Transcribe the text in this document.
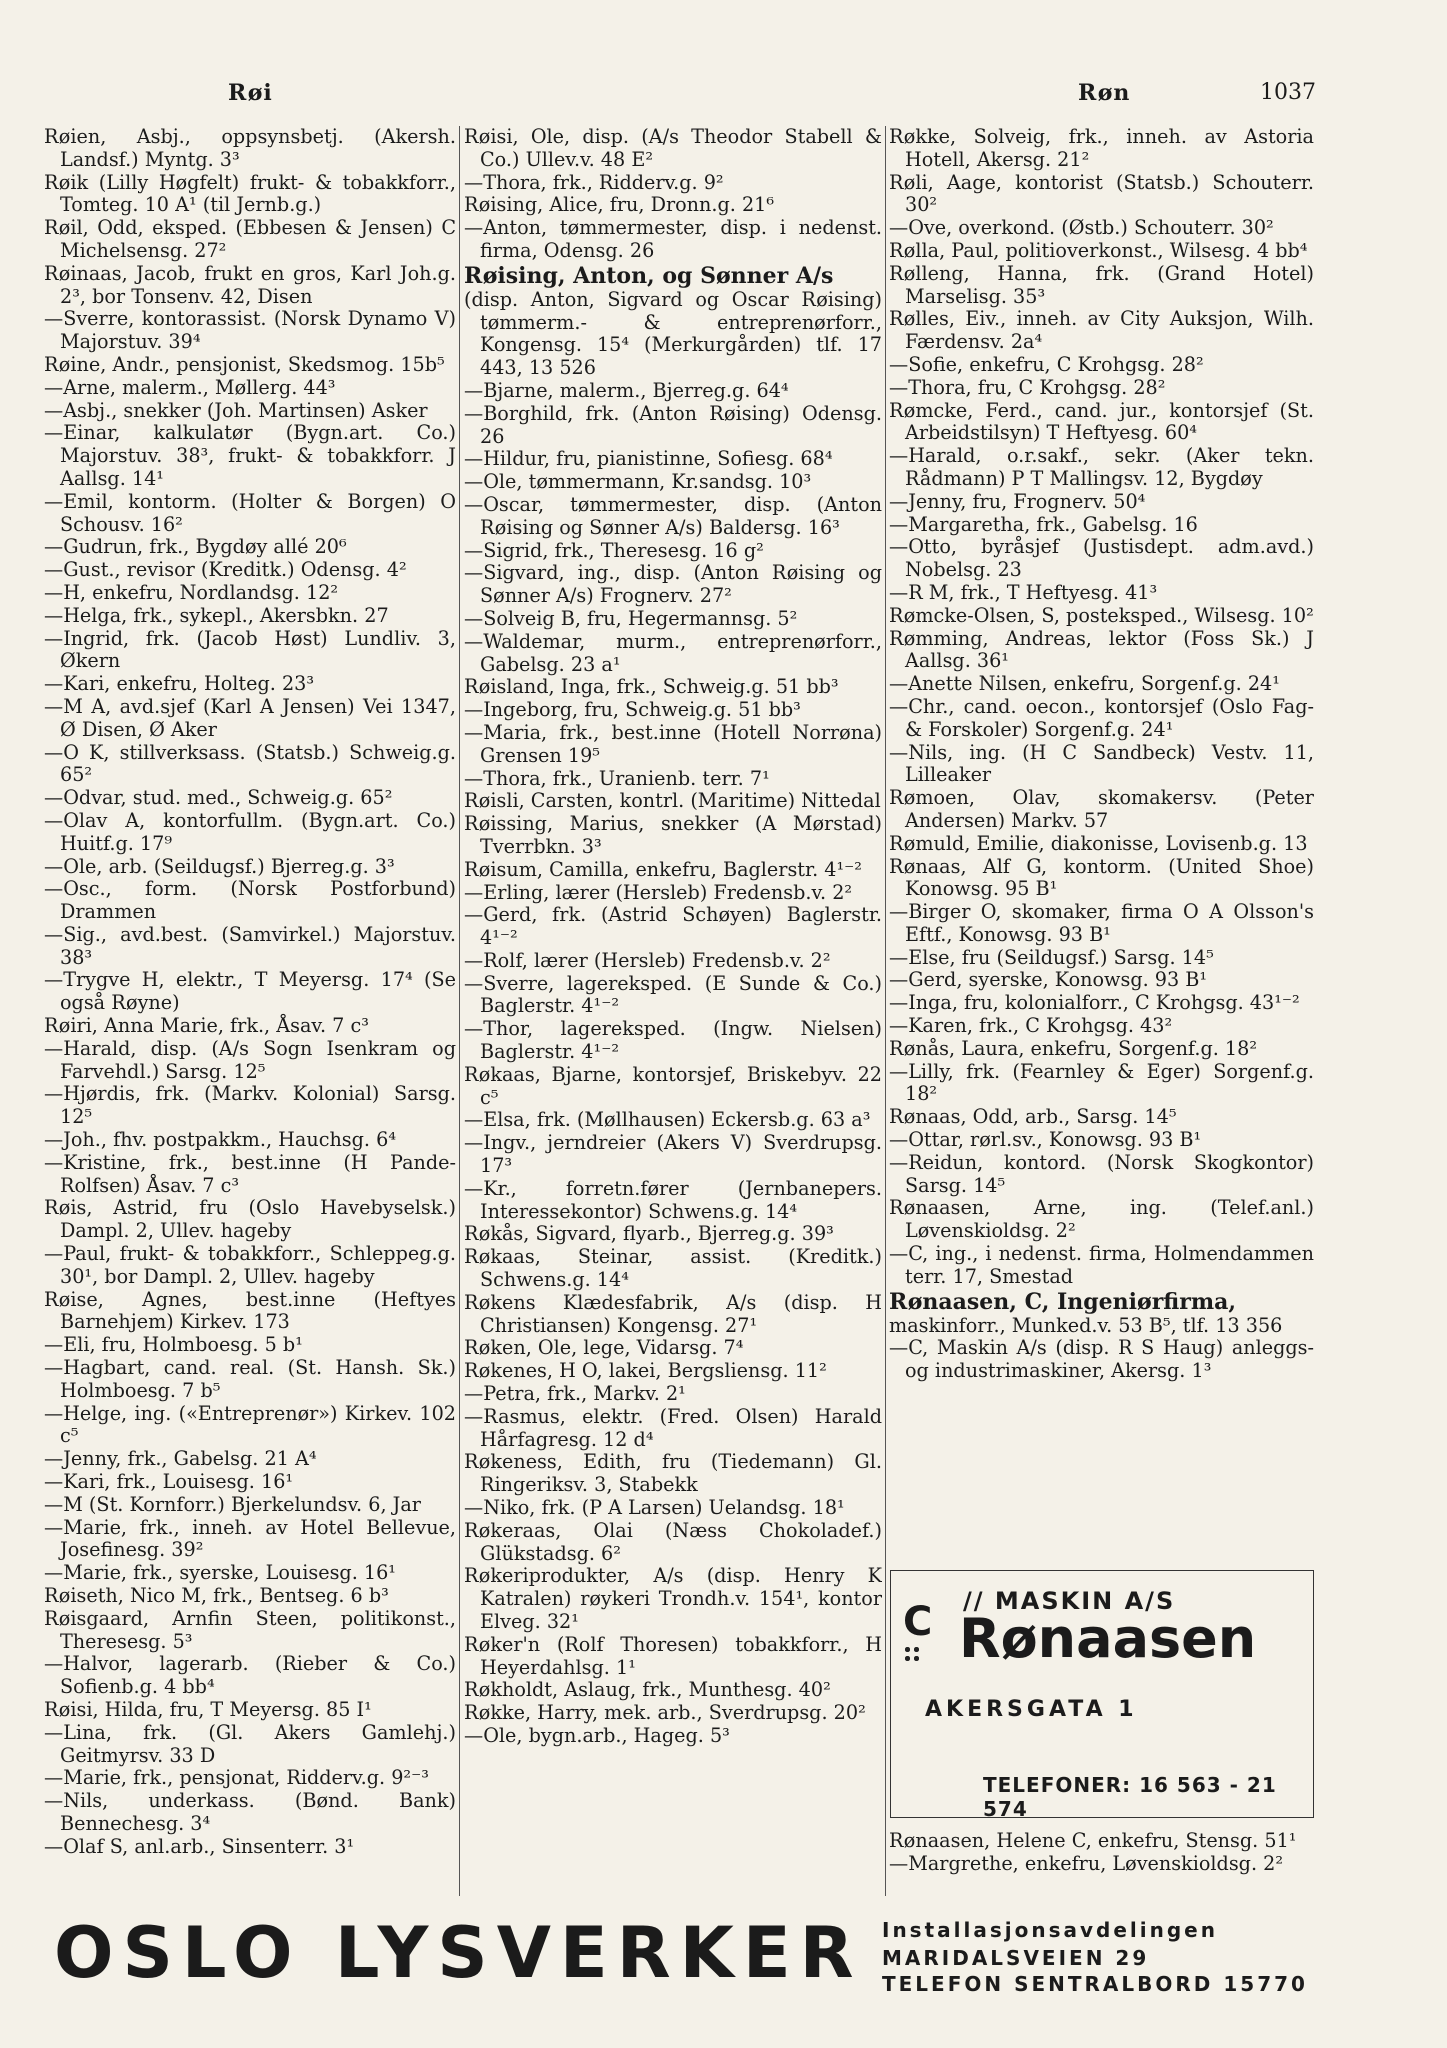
Røi	Røn	1037
Røien, Asbj., oppsynsbetj. (Akersh. Landsf.) Myntg. 3³
Røik (Lilly Høgfelt) frukt- & tobakkforr., Tomteg. 10 A¹ (til Jernb.g.)
Røil, Odd, eksped. (Ebbesen & Jensen) C Michelsensg. 27²
Røinaas, Jacob, frukt en gros, Karl Joh.g. 2³, bor Tonsenv. 42, Disen
—Sverre, kontorassist. (Norsk Dynamo V) Majorstuv. 39⁴
Røine, Andr., pensjonist, Skedsmog. 15b⁵
—Arne, malerm., Møllerg. 44³
—Asbj., snekker (Joh. Martinsen) Asker
—Einar, kalkulatør (Bygn.art. Co.) Majorstuv. 38³, frukt- & tobakkforr. J Aallsg. 14¹
—Emil, kontorm. (Holter & Borgen) O Schousv. 16²
—Gudrun, frk., Bygdøy allé 20⁶
—Gust., revisor (Kreditk.) Odensg. 4²
—H, enkefru, Nordlandsg. 12²
—Helga, frk., sykepl., Akersbkn. 27
—Ingrid, frk. (Jacob Høst) Lundliv. 3, Økern
—Kari, enkefru, Holteg. 23³
—M A, avd.sjef (Karl A Jensen) Vei 1347, Ø Disen, Ø Aker
—O K, stillverksass. (Statsb.) Schweig.g. 65²
—Odvar, stud. med., Schweig.g. 65²
—Olav A, kontorfullm. (Bygn.art. Co.) Huitf.g. 17⁹
—Ole, arb. (Seildugsf.) Bjerreg.g. 3³
—Osc., form. (Norsk Postforbund) Drammen
—Sig., avd.best. (Samvirkel.) Majorstuv. 38³
—Trygve H, elektr., T Meyersg. 17⁴ (Se også Røyne)
Røiri, Anna Marie, frk., Åsav. 7 c³
—Harald, disp. (A/s Sogn Isenkram og Farvehdl.) Sarsg. 12⁵
—Hjørdis, frk. (Markv. Kolonial) Sarsg. 12⁵
—Joh., fhv. postpakkm., Hauchsg. 6⁴
—Kristine, frk., best.inne (H Pande-Rolfsen) Åsav. 7 c³
Røis, Astrid, fru (Oslo Havebyselsk.) Dampl. 2, Ullev. hageby
—Paul, frukt- & tobakkforr., Schleppeg.g. 30¹, bor Dampl. 2, Ullev. hageby
Røise, Agnes, best.inne (Heftyes Barnehjem) Kirkev. 173
—Eli, fru, Holmboesg. 5 b¹
—Hagbart, cand. real. (St. Hansh. Sk.) Holmboesg. 7 b⁵
—Helge, ing. («Entreprenør») Kirkev. 102 c⁵
—Jenny, frk., Gabelsg. 21 A⁴
—Kari, frk., Louisesg. 16¹
—M (St. Kornforr.) Bjerkelundsv. 6, Jar
—Marie, frk., inneh. av Hotel Bellevue, Josefinesg. 39²
—Marie, frk., syerske, Louisesg. 16¹
Røiseth, Nico M, frk., Bentseg. 6 b³
Røisgaard, Arnfin Steen, politikonst., Theresesg. 5³
—Halvor, lagerarb. (Rieber & Co.) Sofienb.g. 4 bb⁴
Røisi, Hilda, fru, T Meyersg. 85 I¹
—Lina, frk. (Gl. Akers Gamlehj.) Geitmyrsv. 33 D
—Marie, frk., pensjonat, Ridderv.g. 9²⁻³
—Nils, underkass. (Bønd. Bank) Bennechesg. 3⁴
—Olaf S, anl.arb., Sinsenterr. 3¹
Røisi, Ole, disp. (A/s Theodor Stabell & Co.) Ullev.v. 48 E²
—Thora, frk., Ridderv.g. 9²
Røising, Alice, fru, Dronn.g. 21⁶
—Anton, tømmermester, disp. i nedenst. firma, Odensg. 26
Røising, Anton, og Sønner A/s
(disp. Anton, Sigvard og Oscar Røising) tømmerm.- & entreprenørforr., Kongensg. 15⁴ (Merkurgården) tlf. 17 443, 13 526
—Bjarne, malerm., Bjerreg.g. 64⁴
—Borghild, frk. (Anton Røising) Odensg. 26
—Hildur, fru, pianistinne, Sofiesg. 68⁴
—Ole, tømmermann, Kr.sandsg. 10³
—Oscar, tømmermester, disp. (Anton Røising og Sønner A/s) Baldersg. 16³
—Sigrid, frk., Theresesg. 16 g²
—Sigvard, ing., disp. (Anton Røising og Sønner A/s) Frognerv. 27²
—Solveig B, fru, Hegermannsg. 5²
—Waldemar, murm., entreprenørforr., Gabelsg. 23 a¹
Røisland, Inga, frk., Schweig.g. 51 bb³
—Ingeborg, fru, Schweig.g. 51 bb³
—Maria, frk., best.inne (Hotell Norrøna) Grensen 19⁵
—Thora, frk., Uranienb. terr. 7¹
Røisli, Carsten, kontrl. (Maritime) Nittedal
Røissing, Marius, snekker (A Mørstad) Tverrbkn. 3³
Røisum, Camilla, enkefru, Baglerstr. 4¹⁻²
—Erling, lærer (Hersleb) Fredensb.v. 2²
—Gerd, frk. (Astrid Schøyen) Baglerstr. 4¹⁻²
—Rolf, lærer (Hersleb) Fredensb.v. 2²
—Sverre, lagereksped. (E Sunde & Co.) Baglerstr. 4¹⁻²
—Thor, lagereksped. (Ingw. Nielsen) Baglerstr. 4¹⁻²
Røkaas, Bjarne, kontorsjef, Briskebyv. 22 c⁵
—Elsa, frk. (Møllhausen) Eckersb.g. 63 a³
—Ingv., jerndreier (Akers V) Sverdrupsg. 17³
—Kr., forretn.fører (Jernbanepers. Interessekontor) Schwens.g. 14⁴
Røkås, Sigvard, flyarb., Bjerreg.g. 39³
Røkaas, Steinar, assist. (Kreditk.) Schwens.g. 14⁴
Røkens Klædesfabrik, A/s (disp. H Christiansen) Kongensg. 27¹
Røken, Ole, lege, Vidarsg. 7⁴
Røkenes, H O, lakei, Bergsliensg. 11²
—Petra, frk., Markv. 2¹
—Rasmus, elektr. (Fred. Olsen) Harald Hårfagresg. 12 d⁴
Røkeness, Edith, fru (Tiedemann) Gl. Ringeriksv. 3, Stabekk
—Niko, frk. (P A Larsen) Uelandsg. 18¹
Røkeraas, Olai (Næss Chokoladef.) Glükstadsg. 6²
Røkeriprodukter, A/s (disp. Henry K Katralen) røykeri Trondh.v. 154¹, kontor Elveg. 32¹
Røker'n (Rolf Thoresen) tobakkforr., H Heyerdahlsg. 1¹
Røkholdt, Aslaug, frk., Munthesg. 40²
Røkke, Harry, mek. arb., Sverdrupsg. 20²
—Ole, bygn.arb., Hageg. 5³
Røkke, Solveig, frk., inneh. av Astoria Hotell, Akersg. 21²
Røli, Aage, kontorist (Statsb.) Schouterr. 30²
—Ove, overkond. (Østb.) Schouterr. 30²
Rølla, Paul, politioverkonst., Wilsesg. 4 bb⁴
Rølleng, Hanna, frk. (Grand Hotel) Marselisg. 35³
Rølles, Eiv., inneh. av City Auksjon, Wilh. Færdensv. 2a⁴
—Sofie, enkefru, C Krohgsg. 28²
—Thora, fru, C Krohgsg. 28²
Rømcke, Ferd., cand. jur., kontorsjef (St. Arbeidstilsyn) T Heftyesg. 60⁴
—Harald, o.r.sakf., sekr. (Aker tekn. Rådmann) P T Mallingsv. 12, Bygdøy
—Jenny, fru, Frognerv. 50⁴
—Margaretha, frk., Gabelsg. 16
—Otto, byråsjef (Justisdept. adm.avd.) Nobelsg. 23
—R M, frk., T Heftyesg. 41³
Rømcke-Olsen, S, posteksped., Wilsesg. 10²
Rømming, Andreas, lektor (Foss Sk.) J Aallsg. 36¹
—Anette Nilsen, enkefru, Sorgenf.g. 24¹
—Chr., cand. oecon., kontorsjef (Oslo Fag- & Forskoler) Sorgenf.g. 24¹
—Nils, ing. (H C Sandbeck) Vestv. 11, Lilleaker
Rømoen, Olav, skomakersv. (Peter Andersen) Markv. 57
Rømuld, Emilie, diakonisse, Lovisenb.g. 13
Rønaas, Alf G, kontorm. (United Shoe) Konowsg. 95 B¹
—Birger O, skomaker, firma O A Olsson's Eftf., Konowsg. 93 B¹
—Else, fru (Seildugsf.) Sarsg. 14⁵
—Gerd, syerske, Konowsg. 93 B¹
—Inga, fru, kolonialforr., C Krohgsg. 43¹⁻²
—Karen, frk., C Krohgsg. 43²
Rønås, Laura, enkefru, Sorgenf.g. 18²
—Lilly, frk. (Fearnley & Eger) Sorgenf.g. 18²
Rønaas, Odd, arb., Sarsg. 14⁵
—Ottar, rørl.sv., Konowsg. 93 B¹
—Reidun, kontord. (Norsk Skogkontor) Sarsg. 14⁵
Rønaasen, Arne, ing. (Telef.anl.) Løvenskioldsg. 2²
—C, ing., i nedenst. firma, Holmendammen terr. 17, Smestad
Rønaasen, C, Ingeniørfirma,
maskinforr., Munked.v. 53 B⁵, tlf. 13 356
—C, Maskin A/s (disp. R S Haug) anleggs- og industrimaskiner, Akersg. 1³
C // MASKIN A/S
Rønaasen
AKERSGATA 1
TELEFONER: 16 563 - 21 574
Rønaasen, Helene C, enkefru, Stensg. 51¹
—Margrethe, enkefru, Løvenskioldsg. 2²
OSLO LYSVERKER Installasjonsavdelingen
MARIDALSVEIEN 29
TELEFON SENTRALBORD 15770
